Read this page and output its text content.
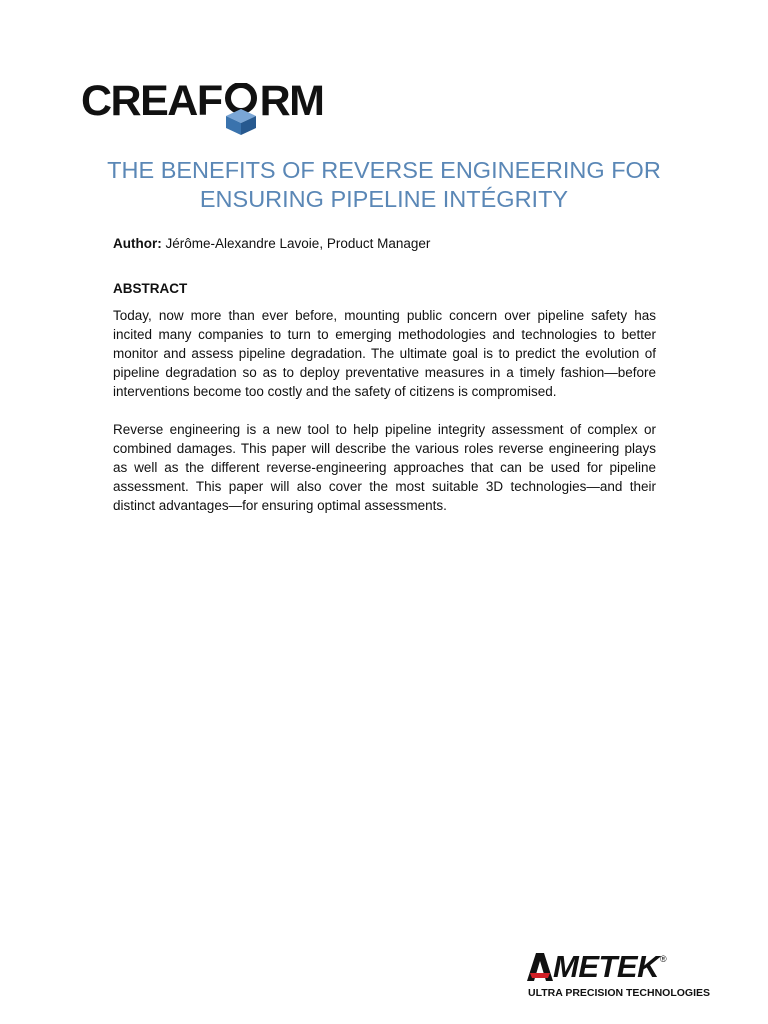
CREAF RM
THE BENEFITS OF REVERSE ENGINEERING FOR
ENSURING PIPELINE INTÉGRITY

Author: Jérôme-Alexandre Lavoie, Product Manager

ABSTRACT

Today, now more than ever before, mounting public concern over pipeline safety has incited many companies to turn to emerging methodologies and technologies to better monitor and assess pipeline degradation. The ultimate goal is to predict the evolution of pipeline degradation so as to deploy preventative measures in a timely fashion—before interventions become too costly and the safety of citizens is compromised.

Reverse engineering is a new tool to help pipeline integrity assessment of complex or combined damages. This paper will describe the various roles reverse engineering plays as well as the different reverse-engineering approaches that can be used for pipeline assessment. This paper will also cover the most suitable 3D technologies—and their distinct advantages—for ensuring optimal assessments.

METEK ®
ULTRA PRECISION TECHNOLOGIES
